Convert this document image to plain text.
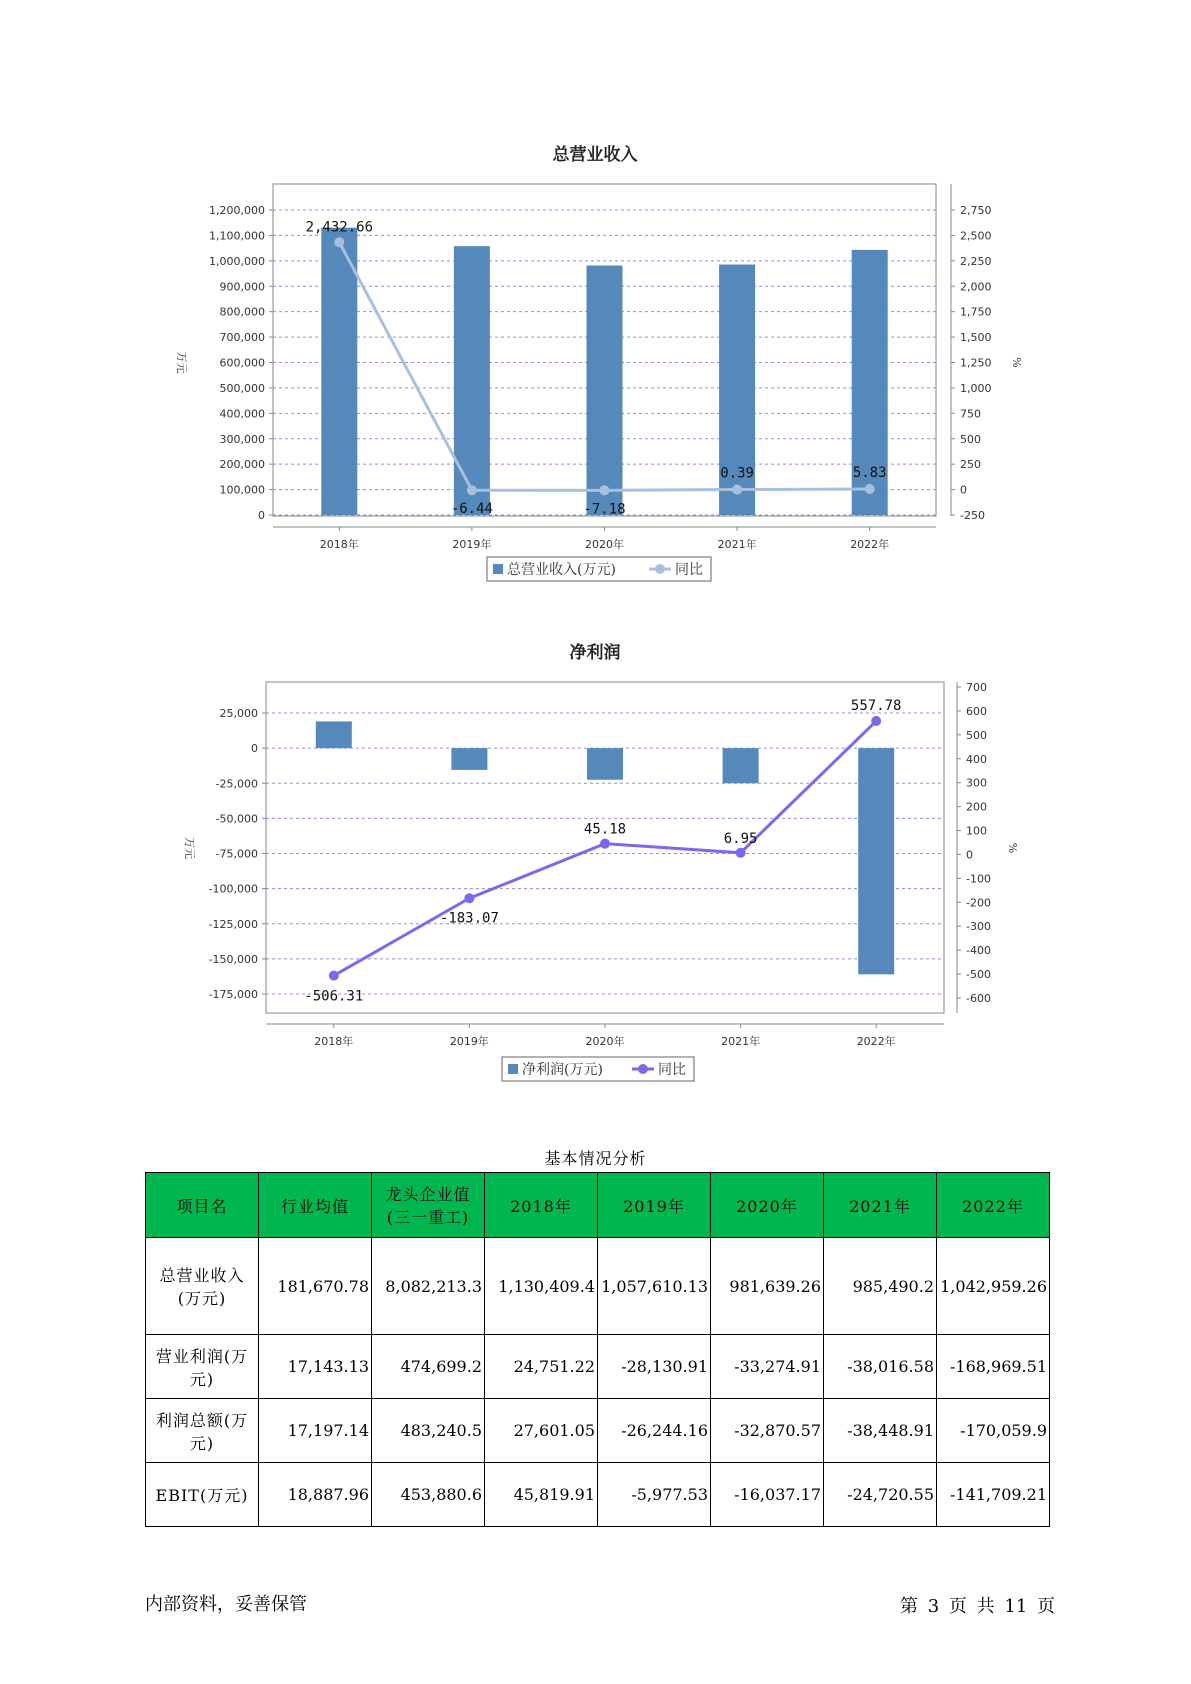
总营业收入
0
100,000
200,000
300,000
400,000
500,000
600,000
700,000
800,000
900,000
1,000,000
1,100,000
1,200,000
-250
0
250
500
750
1,000
1,250
1,500
1,750
2,000
2,250
2,500
2,750
万元	%
2018年	2019年	2020年	2021年	2022年
2,432.66
-6.44	-7.18
0.39	5.83
总营业收入(万元)	同比
净利润
-175,000
-150,000
-125,000
-100,000
-75,000
-50,000
-25,000
0
25,000
-600
-500
-400
-300
-200
-100
0
100
200
300
400
500
600
700
万元	%
2018年	2019年	2020年	2021年	2022年
-506.31
-183.07
45.18
6.95
557.78
净利润(万元)	同比
基本情况分析
项目名	行业均值	龙头企业值(三一重工)	2018年	2019年	2020年	2021年	2022年
总营业收入(万元)	181,670.78	8,082,213.3	1,130,409.4	1,057,610.13	981,639.26	985,490.2	1,042,959.26
营业利润(万元)	17,143.13	474,699.2	24,751.22	-28,130.91	-33,274.91	-38,016.58	-168,969.51
利润总额(万元)	17,197.14	483,240.5	27,601.05	-26,244.16	-32,870.57	-38,448.91	-170,059.9
EBIT(万元)	18,887.96	453,880.6	45,819.91	-5,977.53	-16,037.17	-24,720.55	-141,709.21
内部资料，妥善保管	第 3 页 共 11 页
